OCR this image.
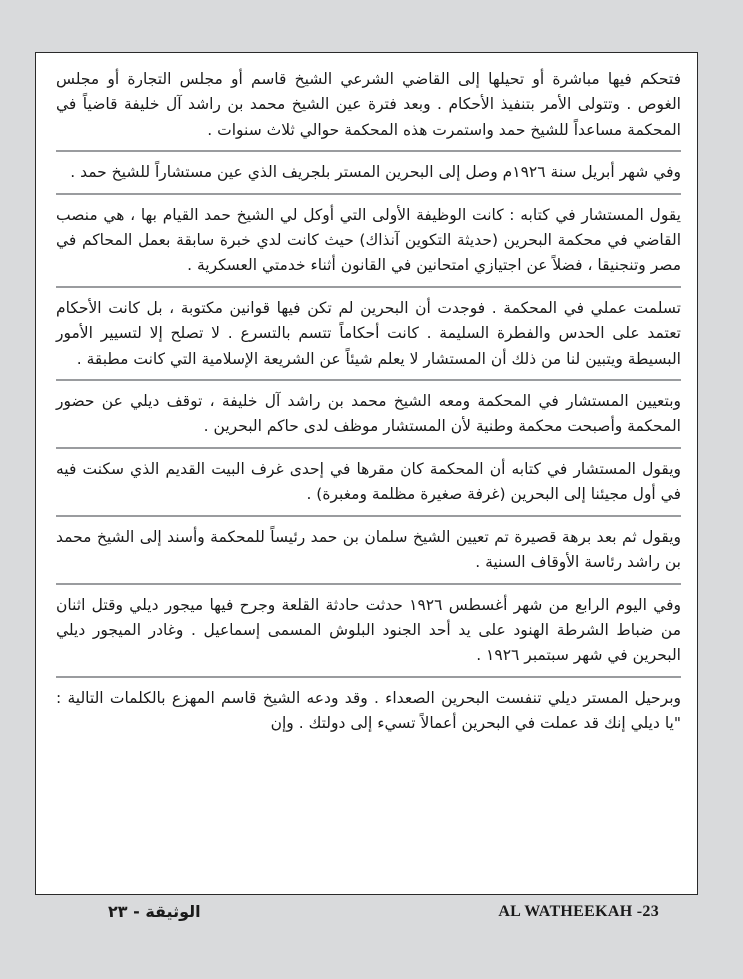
فتحكم فيها مباشرة أو تحيلها إلى القاضي الشرعي الشيخ قاسم أو مجلس التجارة أو مجلس الغوص . وتتولى الأمر بتنفيذ الأحكام . وبعد فترة عين الشيخ محمد بن راشد آل خليفة قاضياً في المحكمة مساعداً للشيخ حمد واستمرت هذه المحكمة حوالي ثلاث سنوات .

وفي شهر أبريل سنة ١٩٢٦م وصل إلى البحرين المستر بلجريف الذي عين مستشاراً للشيخ حمد .

يقول المستشار في كتابه : كانت الوظيفة الأولى التي أوكل لي الشيخ حمد القيام بها ، هي منصب القاضي في محكمة البحرين (حديثة التكوين آنذاك) حيث كانت لدي خبرة سابقة بعمل المحاكم في مصر وتنجنيقا ، فضلاً عن اجتيازي امتحانين في القانون أثناء خدمتي العسكرية .

تسلمت عملي في المحكمة . فوجدت أن البحرين لم تكن فيها قوانين مكتوبة ، بل كانت الأحكام تعتمد على الحدس والفطرة السليمة . كانت أحكاماً تتسم بالتسرع . لا تصلح إلا لتسيير الأمور البسيطة ويتبين لنا من ذلك أن المستشار لا يعلم شيئاً عن الشريعة الإسلامية التي كانت مطبقة .

وبتعيين المستشار في المحكمة ومعه الشيخ محمد بن راشد آل خليفة ، توقف ديلي عن حضور المحكمة وأصبحت محكمة وطنية لأن المستشار موظف لدى حاكم البحرين .

ويقول المستشار في كتابه أن المحكمة كان مقرها في إحدى غرف البيت القديم الذي سكنت فيه في أول مجيئنا إلى البحرين (غرفة صغيرة مظلمة ومغبرة) .

ويقول ثم بعد برهة قصيرة تم تعيين الشيخ سلمان بن حمد رئيساً للمحكمة وأسند إلى الشيخ محمد بن راشد رئاسة الأوقاف السنية .

وفي اليوم الرابع من شهر أغسطس ١٩٢٦ حدثت حادثة القلعة وجرح فيها ميجور ديلي وقتل اثنان من ضباط الشرطة الهنود على يد أحد الجنود البلوش المسمى إسماعيل . وغادر الميجور ديلي البحرين في شهر سبتمبر ١٩٢٦ .

وبرحيل المستر ديلي تنفست البحرين الصعداء . وقد ودعه الشيخ قاسم المهزع بالكلمات التالية : "يا ديلي إنك قد عملت في البحرين أعمالاً تسيء إلى دولتك . وإن

الوثيقة - ٢٣	AL WATHEEKAH -23
